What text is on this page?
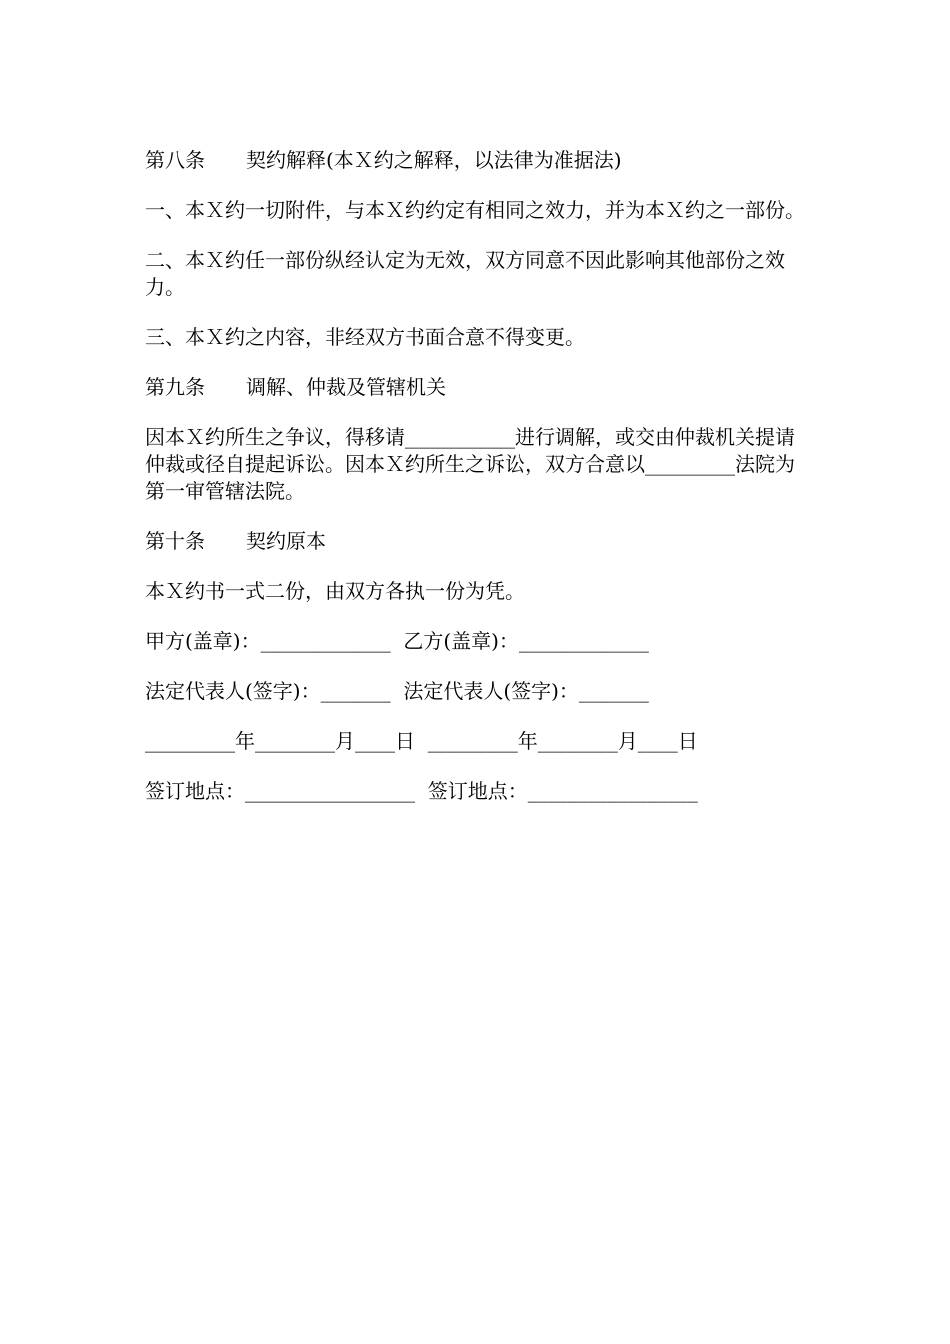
第八条 契约解释(本Ｘ约之解释，以法律为准据法)

一、本Ｘ约一切附件，与本Ｘ约约定有相同之效力，并为本Ｘ约之一部份。

二、本Ｘ约任一部份纵经认定为无效，双方同意不因此影响其他部份之效力。

三、本Ｘ约之内容，非经双方书面合意不得变更。

第九条 调解、仲裁及管辖机关

因本Ｘ约所生之争议，得移请___________进行调解，或交由仲裁机关提请仲裁或径自提起诉讼。因本Ｘ约所生之诉讼，双方合意以_________法院为第一审管辖法院。

第十条 契约原本

本Ｘ约书一式二份，由双方各执一份为凭。

甲方(盖章)：_____________  乙方(盖章)：_____________

法定代表人(签字)：_______  法定代表人(签字)：_______

_________年________月____日  _________年________月____日

签订地点：_________________  签订地点：_________________
